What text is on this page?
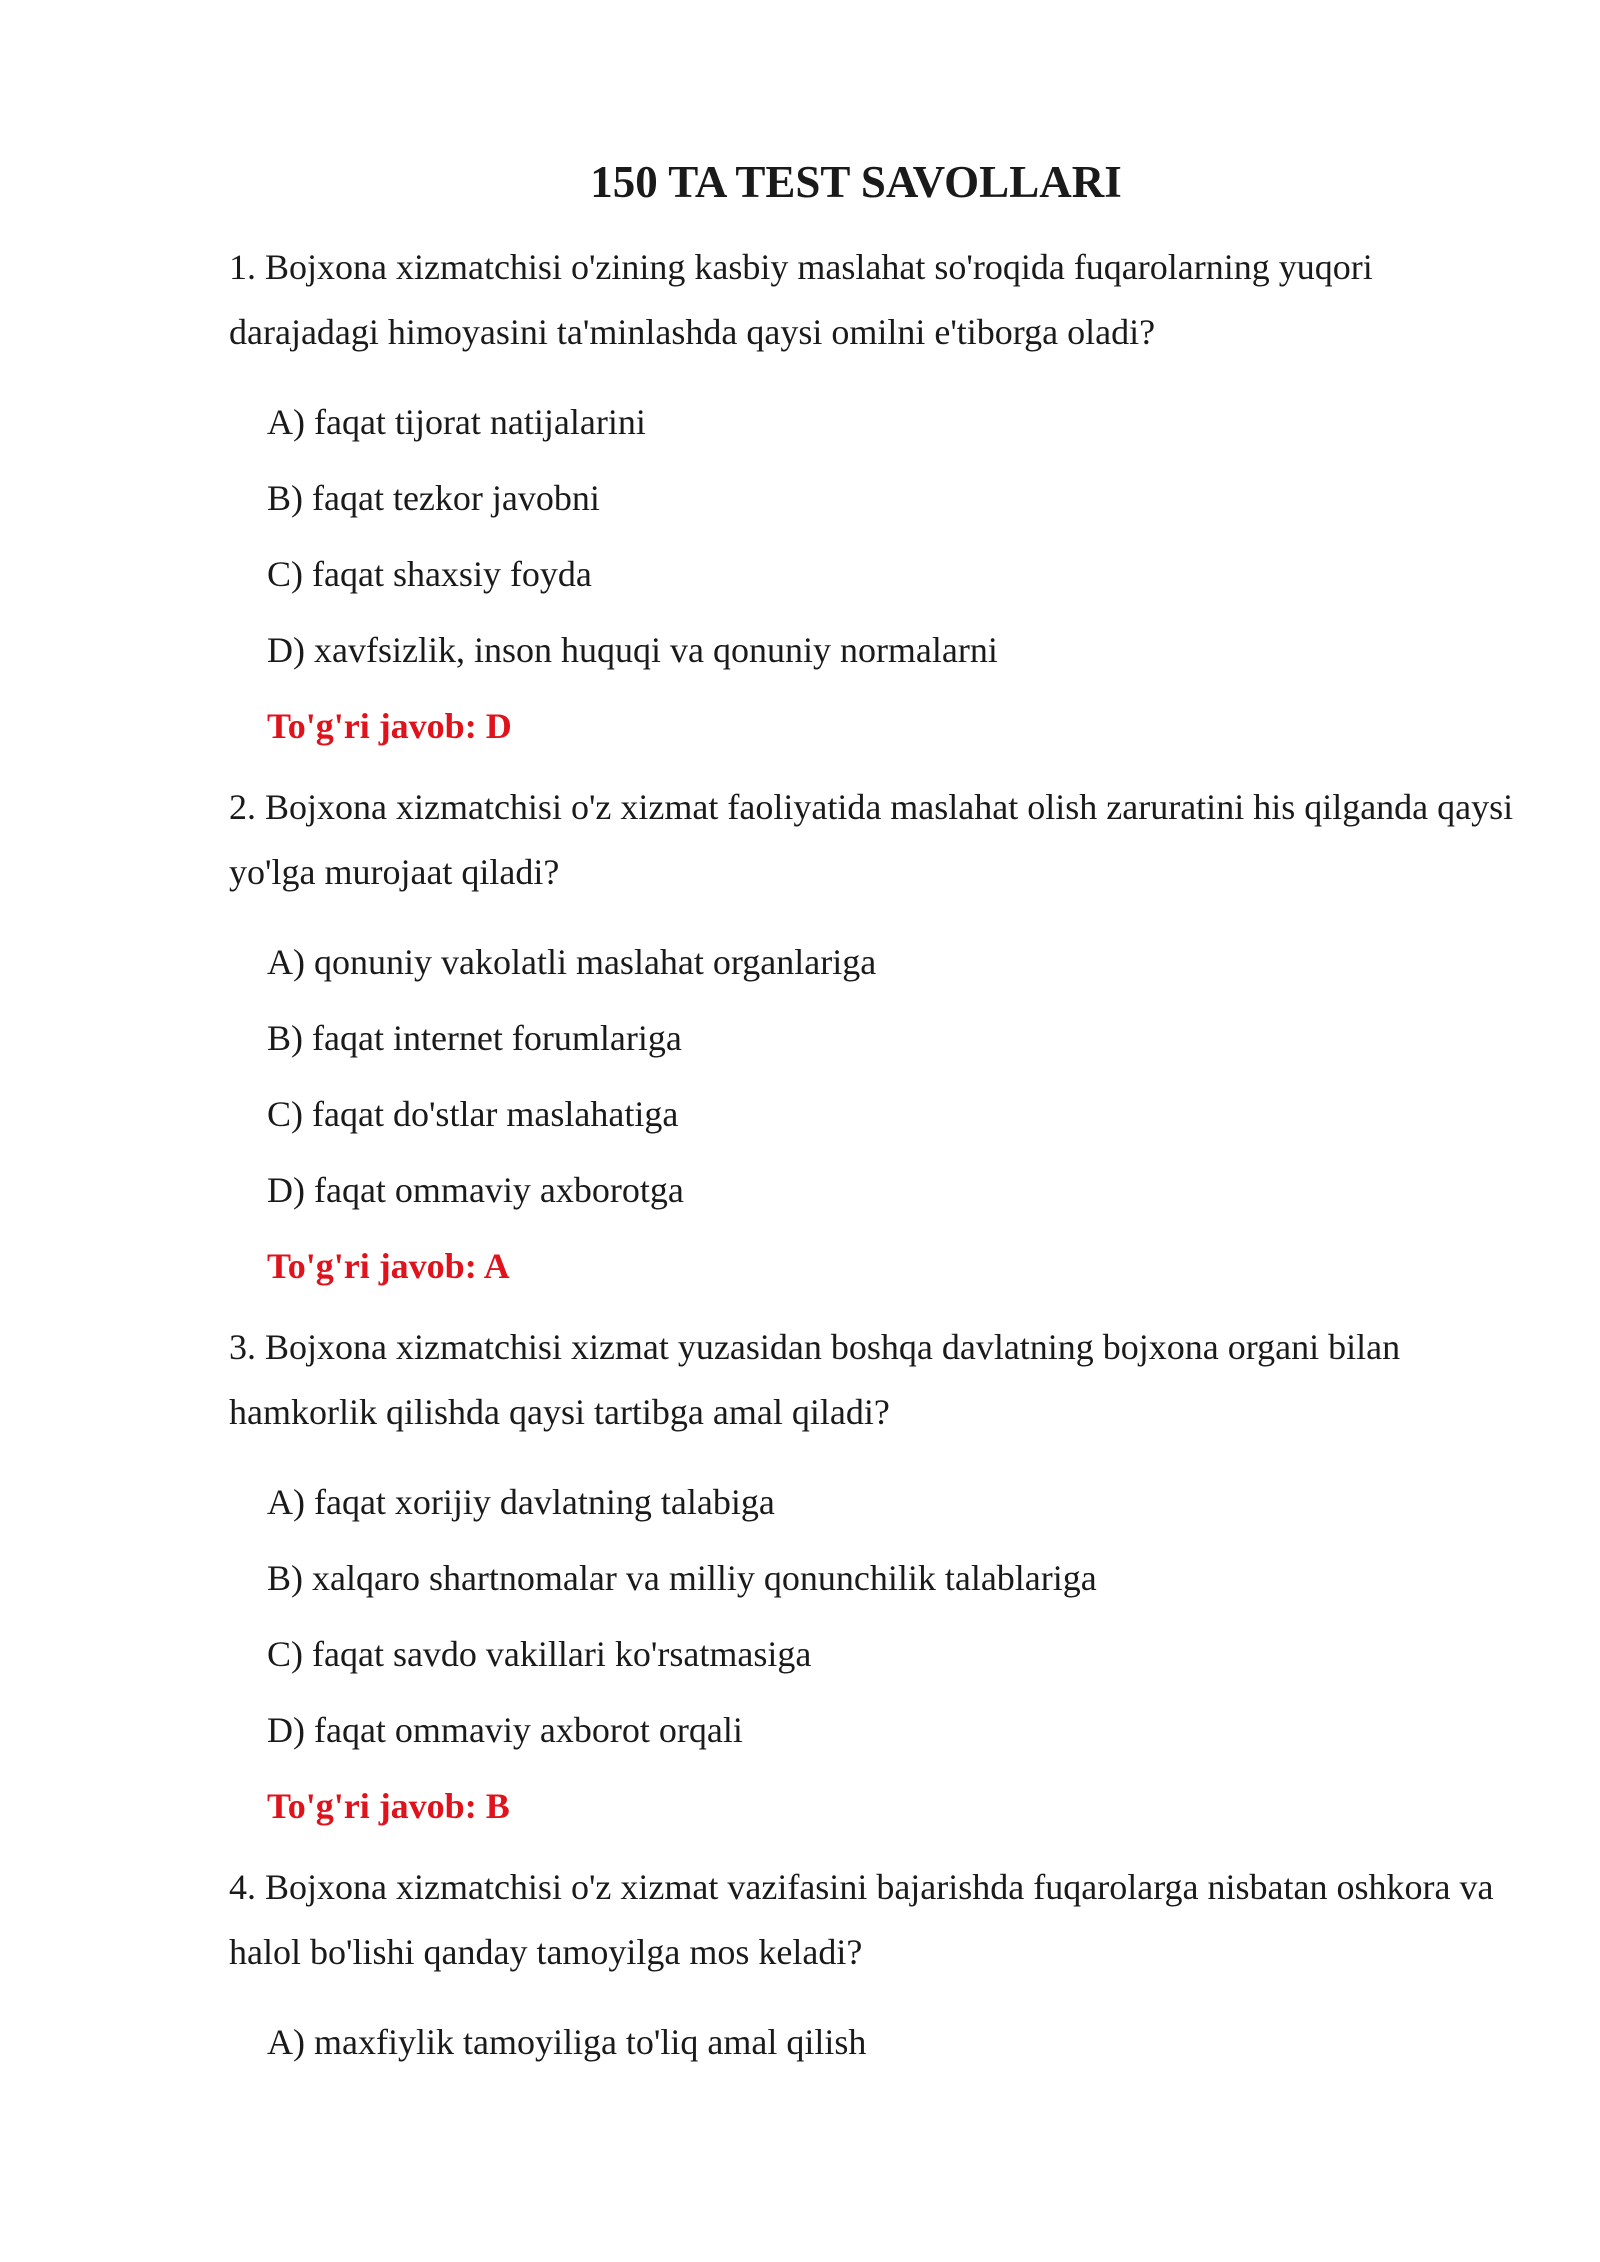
150 TA TEST SAVOLLARI

1. Bojxona xizmatchisi o'zining kasbiy maslahat so'roqida fuqarolarning yuqori darajadagi himoyasini ta'minlashda qaysi omilni e'tiborga oladi?

A) faqat tijorat natijalarini

B) faqat tezkor javobni

C) faqat shaxsiy foyda

D) xavfsizlik, inson huquqi va qonuniy normalarni

To'g'ri javob: D

2. Bojxona xizmatchisi o'z xizmat faoliyatida maslahat olish zaruratini his qilganda qaysi yo'lga murojaat qiladi?

A) qonuniy vakolatli maslahat organlariga

B) faqat internet forumlariga

C) faqat do'stlar maslahatiga

D) faqat ommaviy axborotga

To'g'ri javob: A

3. Bojxona xizmatchisi xizmat yuzasidan boshqa davlatning bojxona organi bilan hamkorlik qilishda qaysi tartibga amal qiladi?

A) faqat xorijiy davlatning talabiga

B) xalqaro shartnomalar va milliy qonunchilik talablariga

C) faqat savdo vakillari ko'rsatmasiga

D) faqat ommaviy axborot orqali

To'g'ri javob: B

4. Bojxona xizmatchisi o'z xizmat vazifasini bajarishda fuqarolarga nisbatan oshkora va halol bo'lishi qanday tamoyilga mos keladi?

A) maxfiylik tamoyiliga to'liq amal qilish
